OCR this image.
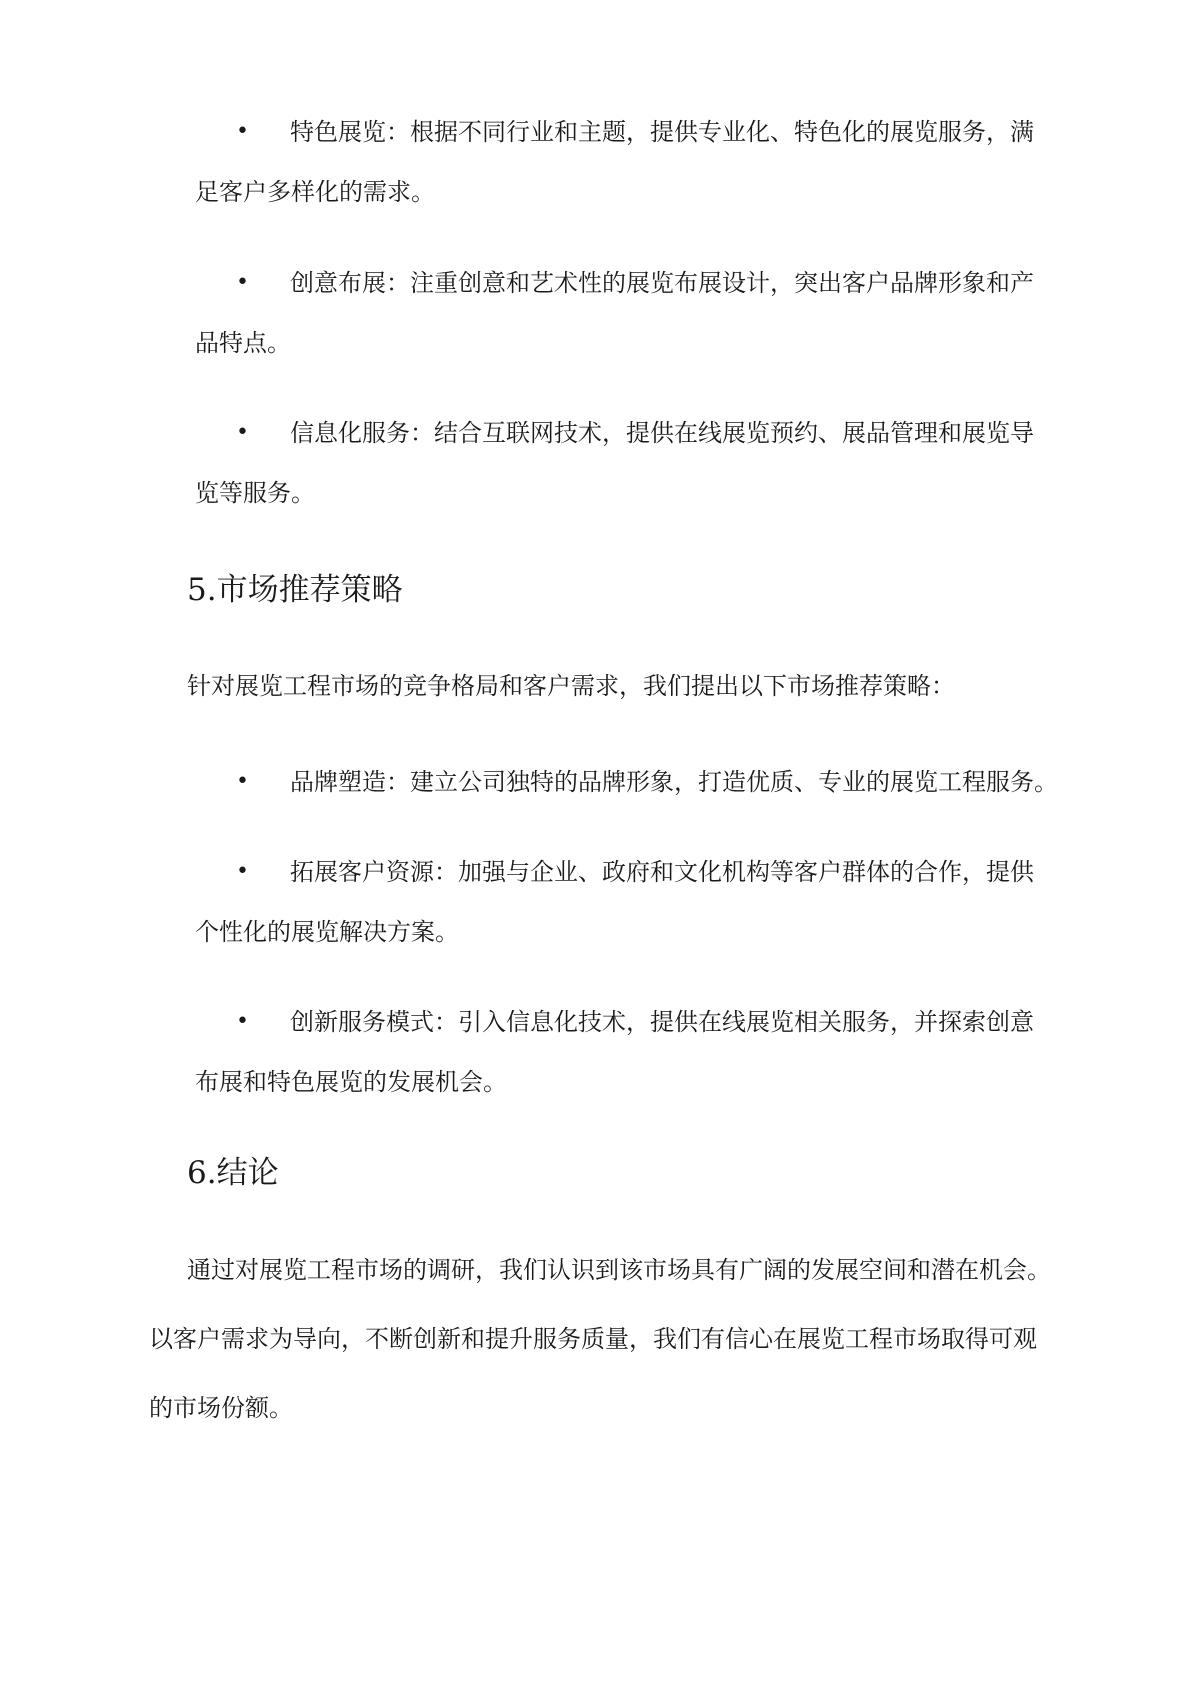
•	特色展览：根据不同行业和主题，提供专业化、特色化的展览服务，满
足客户多样化的需求。
•	创意布展：注重创意和艺术性的展览布展设计，突出客户品牌形象和产
品特点。
•	信息化服务：结合互联网技术，提供在线展览预约、展品管理和展览导
览等服务。
5.市场推荐策略
针对展览工程市场的竞争格局和客户需求，我们提出以下市场推荐策略：
•	品牌塑造：建立公司独特的品牌形象，打造优质、专业的展览工程服务。
•	拓展客户资源：加强与企业、政府和文化机构等客户群体的合作，提供
个性化的展览解决方案。
•	创新服务模式：引入信息化技术，提供在线展览相关服务，并探索创意
布展和特色展览的发展机会。
6.结论
通过对展览工程市场的调研，我们认识到该市场具有广阔的发展空间和潜在机会。
以客户需求为导向，不断创新和提升服务质量，我们有信心在展览工程市场取得可观
的市场份额。
